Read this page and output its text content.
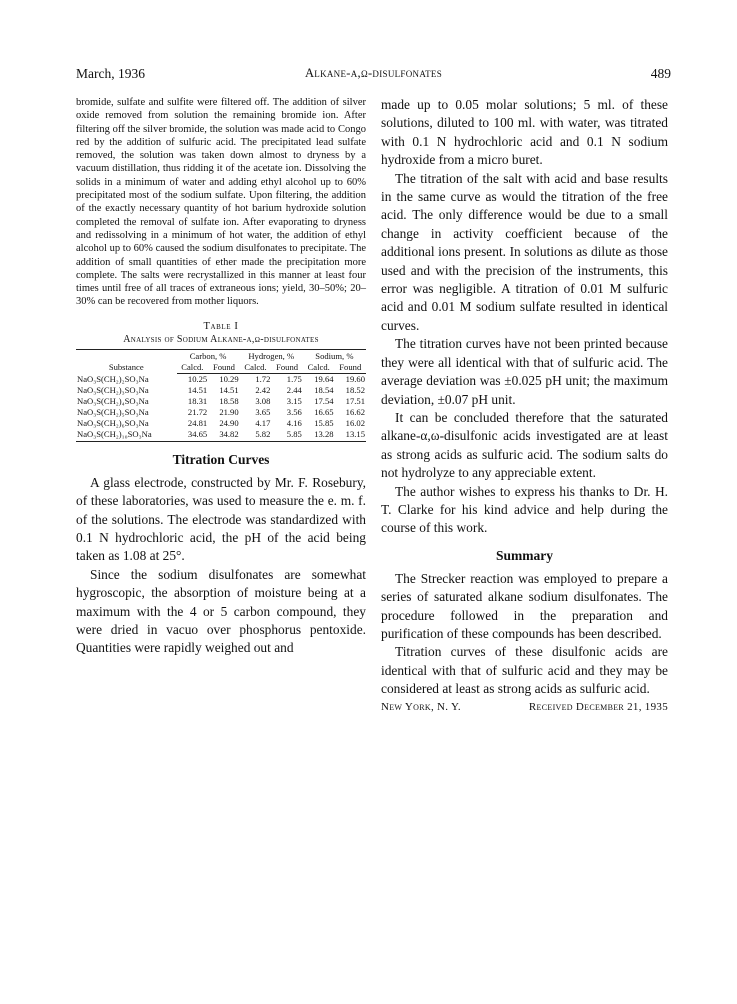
March, 1936	Alkane-α,ω-disulfonates	489

bromide, sulfate and sulfite were filtered off. The addition of silver oxide removed from solution the remaining bromide ion. After filtering off the silver bromide, the solution was made acid to Congo red by the addition of sulfuric acid. The precipitated lead sulfate removed, the solution was taken down almost to dryness by a vacuum distillation, thus ridding it of the acetate ion. Dissolving the solids in a minimum of water and adding ethyl alcohol up to 60% precipitated most of the sodium sulfate. Upon filtering, the addition of the exactly necessary quantity of hot barium hydroxide solution completed the removal of sulfate ion. After evaporating to dryness and redissolving in a minimum of hot water, the addition of ethyl alcohol up to 60% caused the sodium disulfonates to precipitate. The addition of small quantities of ether made the precipitation more complete. The salts were recrystallized in this manner at least four times until free of all traces of extraneous ions; yield, 30–50%; 20–30% can be recovered from mother liquors.

Table I
Analysis of Sodium Alkane-α,ω-disulfonates
Substance	Carbon, %		Hydrogen, %		Sodium, %	
	Calcd.	Found	Calcd.	Found	Calcd.	Found
NaO₃S(CH₂)₂SO₃Na	10.25	10.29	1.72	1.75	19.64	19.60
NaO₃S(CH₂)₃SO₃Na	14.51	14.51	2.42	2.44	18.54	18.52
NaO₃S(CH₂)₄SO₃Na	18.31	18.58	3.08	3.15	17.54	17.51
NaO₃S(CH₂)₅SO₃Na	21.72	21.90	3.65	3.56	16.65	16.62
NaO₃S(CH₂)₆SO₃Na	24.81	24.90	4.17	4.16	15.85	16.02
NaO₃S(CH₂)₁₀SO₃Na	34.65	34.82	5.82	5.85	13.28	13.15
Titration Curves

A glass electrode, constructed by Mr. F. Rosebury, of these laboratories, was used to measure the e. m. f. of the solutions. The electrode was standardized with 0.1 N hydrochloric acid, the pH of the acid being taken as 1.08 at 25°.

Since the sodium disulfonates are somewhat hygroscopic, the absorption of moisture being at a maximum with the 4 or 5 carbon compound, they were dried in vacuo over phosphorus pentoxide. Quantities were rapidly weighed out and

made up to 0.05 molar solutions; 5 ml. of these solutions, diluted to 100 ml. with water, was titrated with 0.1 N hydrochloric acid and 0.1 N sodium hydroxide from a micro buret.

The titration of the salt with acid and base results in the same curve as would the titration of the free acid. The only difference would be due to a small change in activity coefficient because of the additional ions present. In solutions as dilute as those used and with the precision of the instruments, this error was negligible. A titration of 0.01 M sulfuric acid and 0.01 M sodium sulfate resulted in identical curves.

The titration curves have not been printed because they were all identical with that of sulfuric acid. The average deviation was ±0.025 pH unit; the maximum deviation, ±0.07 pH unit.

It can be concluded therefore that the saturated alkane-α,ω-disulfonic acids investigated are at least as strong acids as sulfuric acid. The sodium salts do not hydrolyze to any appreciable extent.

The author wishes to express his thanks to Dr. H. T. Clarke for his kind advice and help during the course of this work.

Summary

The Strecker reaction was employed to prepare a series of saturated alkane sodium disulfonates. The procedure followed in the preparation and purification of these compounds has been described.

Titration curves of these disulfonic acids are identical with that of sulfuric acid and they may be considered at least as strong acids as sulfuric acid.

New York, N. Y.	Received December 21, 1935
